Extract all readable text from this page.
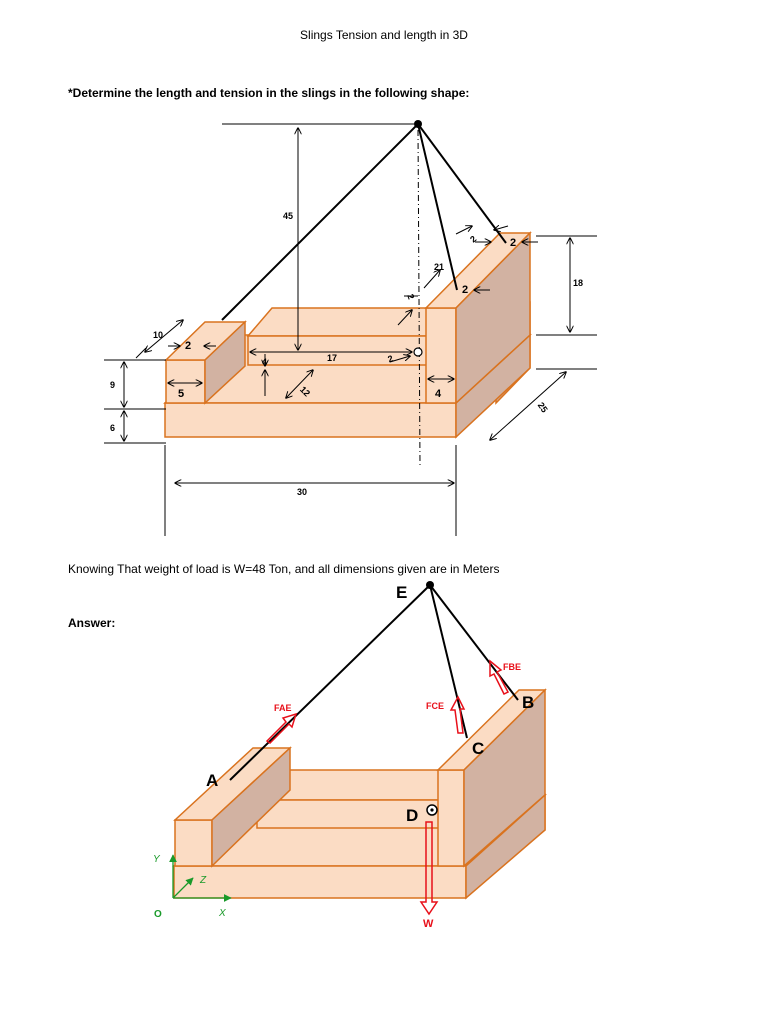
Slings Tension and length in 3D
*Determine the length and tension in the slings in the following shape:
45
21
18
10
2
2	2
2
2
2
4
4
17
12
5
9
6
25
30
Knowing That weight of load is W=48 Ton, and all dimensions given are in Meters
Answer:
E
A
B
C
D
FAE	FCE
FBE
W
Y
Z
X
O
